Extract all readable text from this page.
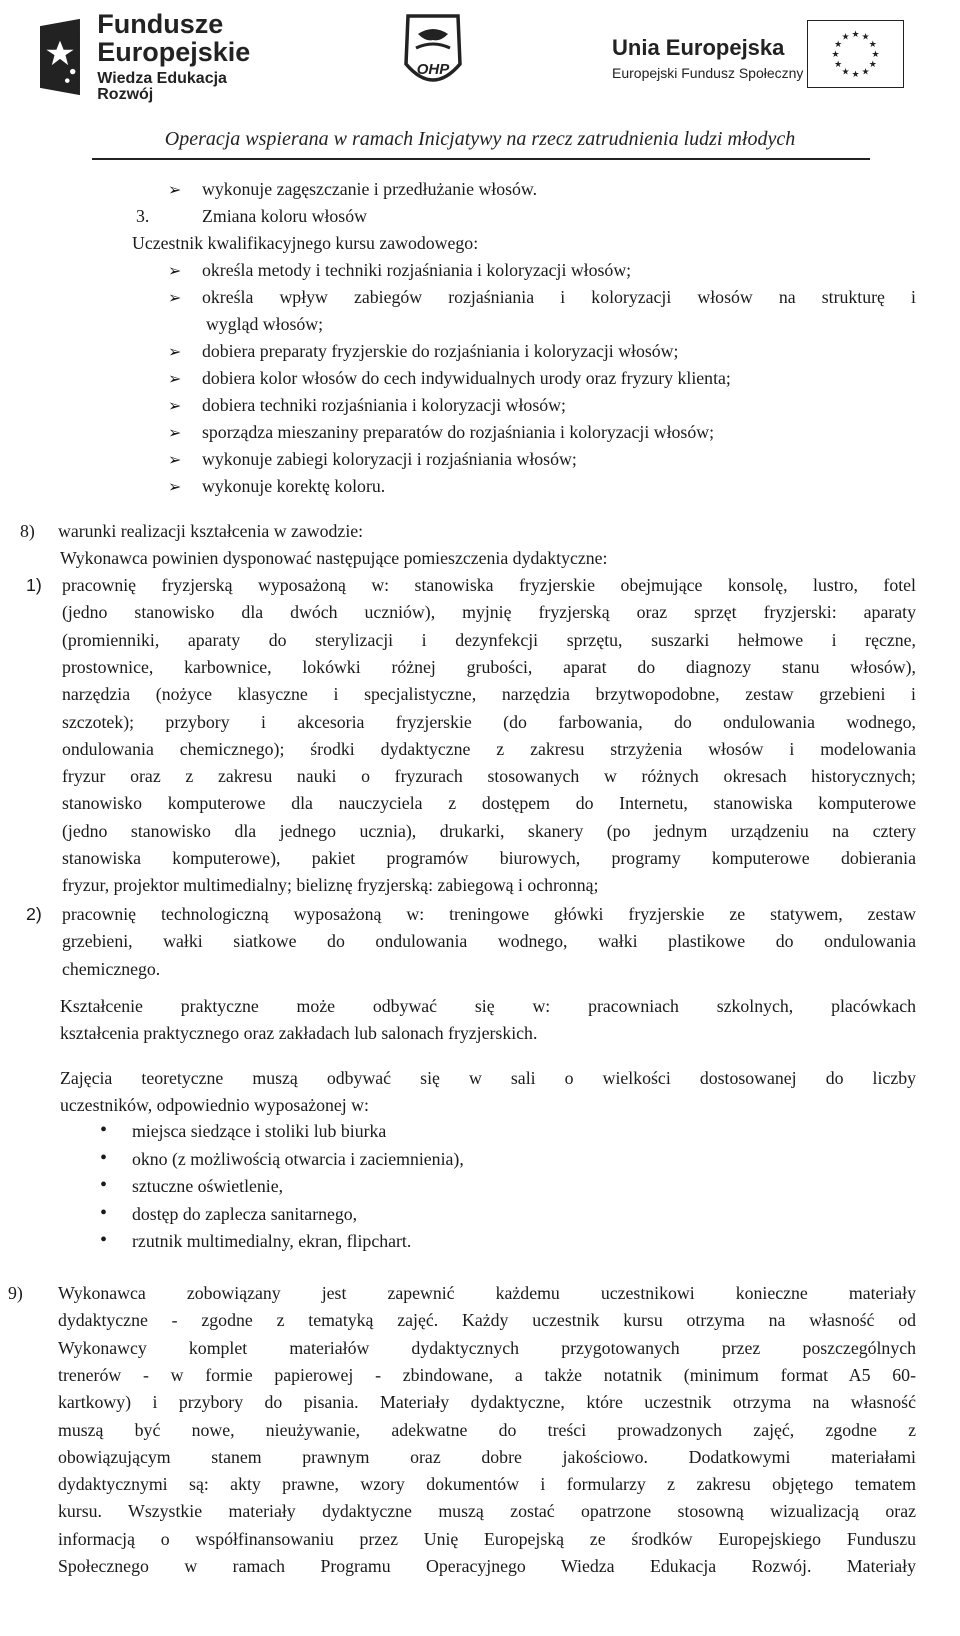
Fundusze
Europejskie
Wiedza Edukacja Rozwój
OHP
Unia Europejska
Europejski Fundusz Społeczny
★
★
★
★
★
★
★
★
★ ★ ★
★
Operacja wspierana w ramach Inicjatywy na rzecz zatrudnienia ludzi młodych
➢ wykonuje zagęszczanie i przedłużanie włosów.
3.	Zmiana koloru włosów
Uczestnik kwalifikacyjnego kursu zawodowego:
➢ określa metody i techniki rozjaśniania i koloryzacji włosów;
➢ określa wpływ zabiegów rozjaśniania i koloryzacji włosów na strukturę i
wygląd włosów;
➢ dobiera preparaty fryzjerskie do rozjaśniania i koloryzacji włosów;
➢ dobiera kolor włosów do cech indywidualnych urody oraz fryzury klienta;
➢ dobiera techniki rozjaśniania i koloryzacji włosów;
➢ sporządza mieszaniny preparatów do rozjaśniania i koloryzacji włosów;
➢ wykonuje zabiegi koloryzacji i rozjaśniania włosów;
➢ wykonuje korektę koloru.
8) warunki realizacji kształcenia w zawodzie:
Wykonawca powinien dysponować następujące pomieszczenia dydaktyczne:
1) pracownię fryzjerską wyposażoną w: stanowiska fryzjerskie obejmujące konsolę, lustro, fotel
(jedno stanowisko dla dwóch uczniów), myjnię fryzjerską oraz sprzęt fryzjerski: aparaty
(promienniki, aparaty do sterylizacji i dezynfekcji sprzętu, suszarki hełmowe i ręczne,
prostownice, karbownice, lokówki różnej grubości, aparat do diagnozy stanu włosów),
narzędzia (nożyce klasyczne i specjalistyczne, narzędzia brzytwopodobne, zestaw grzebieni i
szczotek); przybory i akcesoria fryzjerskie (do farbowania, do ondulowania wodnego,
ondulowania chemicznego); środki dydaktyczne z zakresu strzyżenia włosów i modelowania
fryzur oraz z zakresu nauki o fryzurach stosowanych w różnych okresach historycznych;
stanowisko komputerowe dla nauczyciela z dostępem do Internetu, stanowiska komputerowe
(jedno stanowisko dla jednego ucznia), drukarki, skanery (po jednym urządzeniu na cztery
stanowiska komputerowe), pakiet programów biurowych, programy komputerowe dobierania
fryzur, projektor multimedialny; bieliznę fryzjerską: zabiegową i ochronną;
2) pracownię technologiczną wyposażoną w: treningowe główki fryzjerskie ze statywem, zestaw
grzebieni, wałki siatkowe do ondulowania wodnego, wałki plastikowe do ondulowania
chemicznego.
Kształcenie praktyczne może odbywać się w: pracowniach szkolnych, placówkach
kształcenia praktycznego oraz zakładach lub salonach fryzjerskich.
Zajęcia teoretyczne muszą odbywać się w sali o wielkości dostosowanej do liczby
uczestników, odpowiednio wyposażonej w:
• miejsca siedzące i stoliki lub biurka
• okno (z możliwością otwarcia i zaciemnienia),
• sztuczne oświetlenie,
• dostęp do zaplecza sanitarnego,
• rzutnik multimedialny, ekran, flipchart.
9) Wykonawca zobowiązany jest zapewnić każdemu uczestnikowi konieczne materiały
dydaktyczne - zgodne z tematyką zajęć. Każdy uczestnik kursu otrzyma na własność od
Wykonawcy komplet materiałów dydaktycznych przygotowanych przez poszczególnych
trenerów - w formie papierowej - zbindowane, a także notatnik (minimum format A5 60-
kartkowy) i przybory do pisania. Materiały dydaktyczne, które uczestnik otrzyma na własność
muszą być nowe, nieużywanie, adekwatne do treści prowadzonych zajęć, zgodne z
obowiązującym stanem prawnym oraz dobre jakościowo. Dodatkowymi materiałami
dydaktycznymi są: akty prawne, wzory dokumentów i formularzy z zakresu objętego tematem
kursu. Wszystkie materiały dydaktyczne muszą zostać opatrzone stosowną wizualizacją oraz
informacją o współfinansowaniu przez Unię Europejską ze środków Europejskiego Funduszu
Społecznego w ramach Programu Operacyjnego Wiedza Edukacja Rozwój. Materiały
